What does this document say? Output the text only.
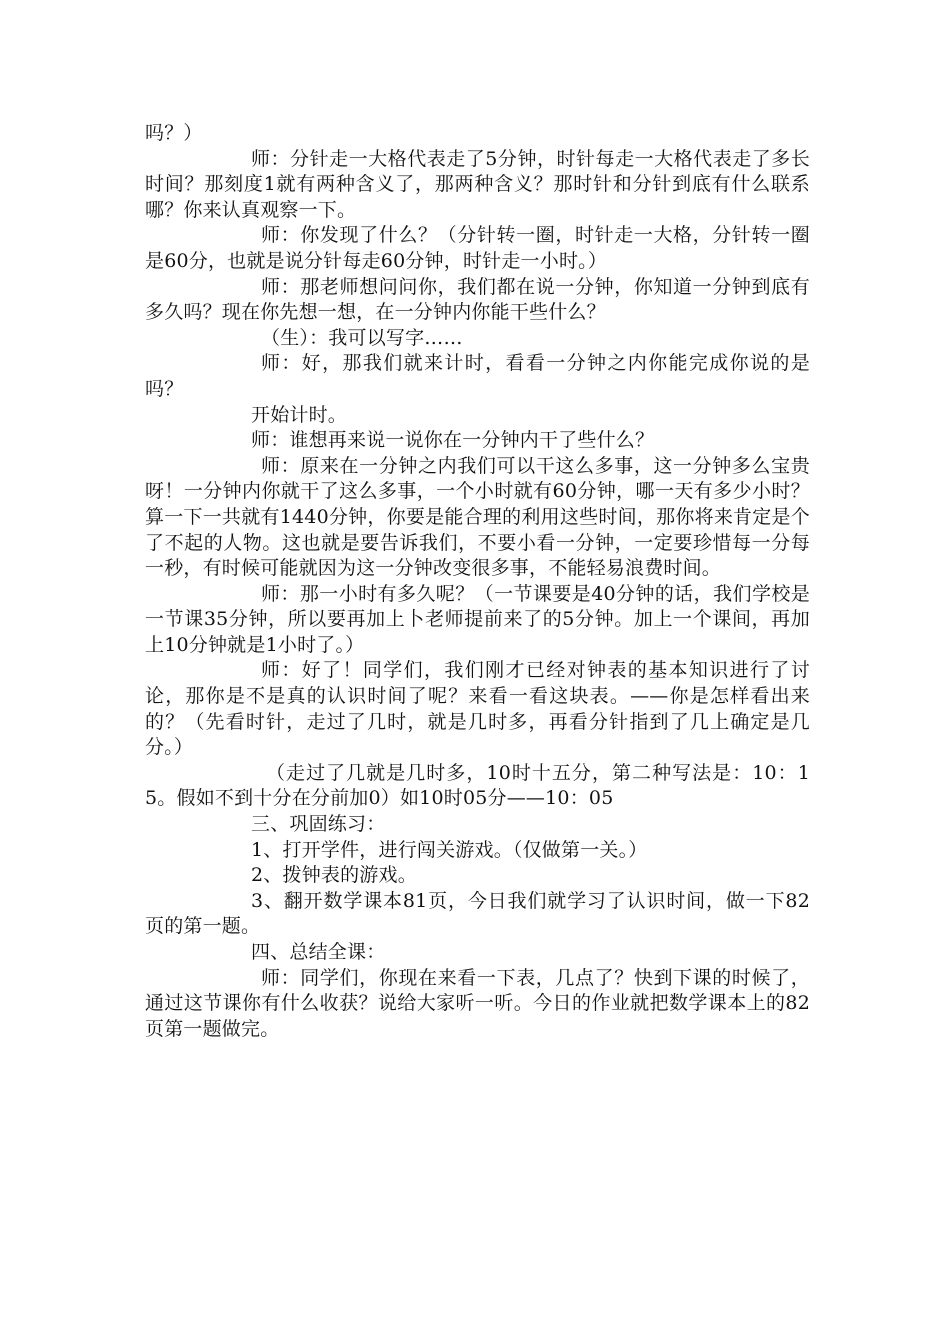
吗？）

师：分针走一大格代表走了5分钟，时针每走一大格代表走了多长时间？那刻度1就有两种含义了，那两种含义？那时针和分针到底有什么联系哪？你来认真观察一下。

师：你发现了什么？（分针转一圈，时针走一大格，分针转一圈是60分，也就是说分针每走60分钟，时针走一小时。）

师：那老师想问问你，我们都在说一分钟，你知道一分钟到底有多久吗？现在你先想一想，在一分钟内你能干些什么？

（生）：我可以写字……

师：好，那我们就来计时，看看一分钟之内你能完成你说的是吗？

开始计时。

师：谁想再来说一说你在一分钟内干了些什么？

师：原来在一分钟之内我们可以干这么多事，这一分钟多么宝贵呀！一分钟内你就干了这么多事，一个小时就有60分钟，哪一天有多少小时？算一下一共就有1440分钟，你要是能合理的利用这些时间，那你将来肯定是个了不起的人物。这也就是要告诉我们，不要小看一分钟，一定要珍惜每一分每一秒，有时候可能就因为这一分钟改变很多事，不能轻易浪费时间。

师：那一小时有多久呢？（一节课要是40分钟的话，我们学校是一节课35分钟，所以要再加上卜老师提前来了的5分钟。加上一个课间，再加上10分钟就是1小时了。）

师：好了！同学们，我们刚才已经对钟表的基本知识进行了讨论，那你是不是真的认识时间了呢？来看一看这块表。——你是怎样看出来的？（先看时针，走过了几时，就是几时多，再看分针指到了几上确定是几分。）

（走过了几就是几时多，10时十五分，第二种写法是：10：15。假如不到十分在分前加0）如10时05分——10：05

三、巩固练习：

1、打开学件，进行闯关游戏。（仅做第一关。）

2、拨钟表的游戏。

3、翻开数学课本81页，今日我们就学习了认识时间，做一下82页的第一题。

四、总结全课：

师：同学们，你现在来看一下表，几点了？快到下课的时候了，通过这节课你有什么收获？说给大家听一听。今日的作业就把数学课本上的82页第一题做完。
